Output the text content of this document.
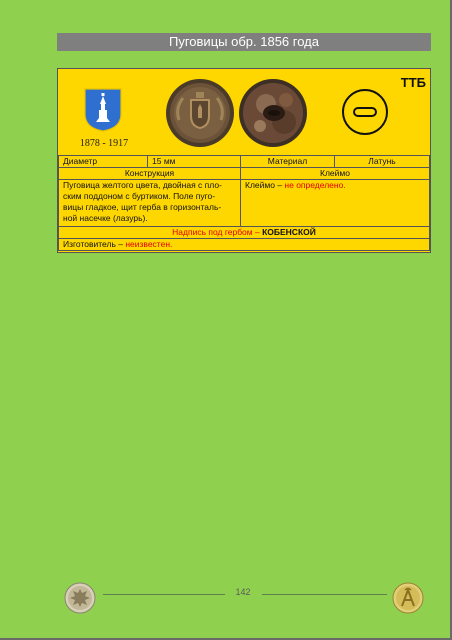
Пуговицы обр. 1856 года
1878 - 1917
ТТБ
Диаметр	15 мм	Материал	Латунь
Конструкция		Клеймо	

Пуговица желтого цвета, двойная с пло-
ским поддоном с буртиком. Поле пуго-
вицы гладкое, щит герба в горизонталь-
ной насечке (лазурь).		Клеймо – не определено.	
Надпись под гербом – КОБЕНСКОЙ			
Изготовитель – неизвестен.			
142
